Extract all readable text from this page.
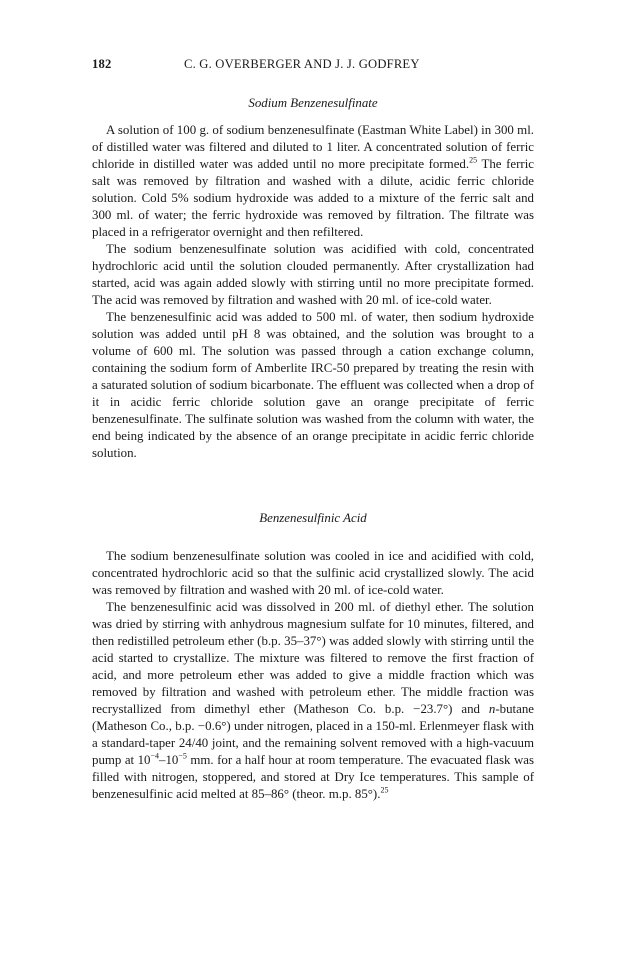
182	C. G. OVERBERGER AND J. J. GODFREY
Sodium Benzenesulfinate

A solution of 100 g. of sodium benzenesulfinate (Eastman White Label) in 300 ml. of distilled water was filtered and diluted to 1 liter. A concentrated solution of ferric chloride in distilled water was added until no more precipitate formed.$^{25}$ The ferric salt was removed by filtration and washed with a dilute, acidic ferric chloride solution. Cold 5% sodium hydroxide was added to a mixture of the ferric salt and 300 ml. of water; the ferric hydroxide was removed by filtration. The filtrate was placed in a refrigerator overnight and then refiltered.

The sodium benzenesulfinate solution was acidified with cold, concentrated hydrochloric acid until the solution clouded permanently. After crystallization had started, acid was again added slowly with stirring until no more precipitate formed. The acid was removed by filtration and washed with 20 ml. of ice-cold water.

The benzenesulfinic acid was added to 500 ml. of water, then sodium hydroxide solution was added until pH 8 was obtained, and the solution was brought to a volume of 600 ml. The solution was passed through a cation exchange column, containing the sodium form of Amberlite IRC-50 prepared by treating the resin with a saturated solution of sodium bicarbonate. The effluent was collected when a drop of it in acidic ferric chloride solution gave an orange precipitate of ferric benzenesulfinate. The sulfinate solution was washed from the column with water, the end being indicated by the absence of an orange precipitate in acidic ferric chloride solution.

Benzenesulfinic Acid

The sodium benzenesulfinate solution was cooled in ice and acidified with cold, concentrated hydrochloric acid so that the sulfinic acid crystallized slowly. The acid was removed by filtration and washed with 20 ml. of ice-cold water.

The benzenesulfinic acid was dissolved in 200 ml. of diethyl ether. The solution was dried by stirring with anhydrous magnesium sulfate for 10 minutes, filtered, and then redistilled petroleum ether (b.p. 35–37°) was added slowly with stirring until the acid started to crystallize. The mixture was filtered to remove the first fraction of acid, and more petroleum ether was added to give a middle fraction which was removed by filtration and washed with petroleum ether. The middle fraction was recrystallized from dimethyl ether (Matheson Co. b.p. −23.7°) and n-butane (Matheson Co., b.p. −0.6°) under nitrogen, placed in a 150-ml. Erlenmeyer flask with a standard-taper 24/40 joint, and the remaining solvent removed with a high-vacuum pump at $10^{-4}-10^{-5}$ mm. for a half hour at room temperature. The evacuated flask was filled with nitrogen, stoppered, and stored at Dry Ice temperatures. This sample of benzenesulfinic acid melted at 85–86° (theor. m.p. 85°).$^{25}$
